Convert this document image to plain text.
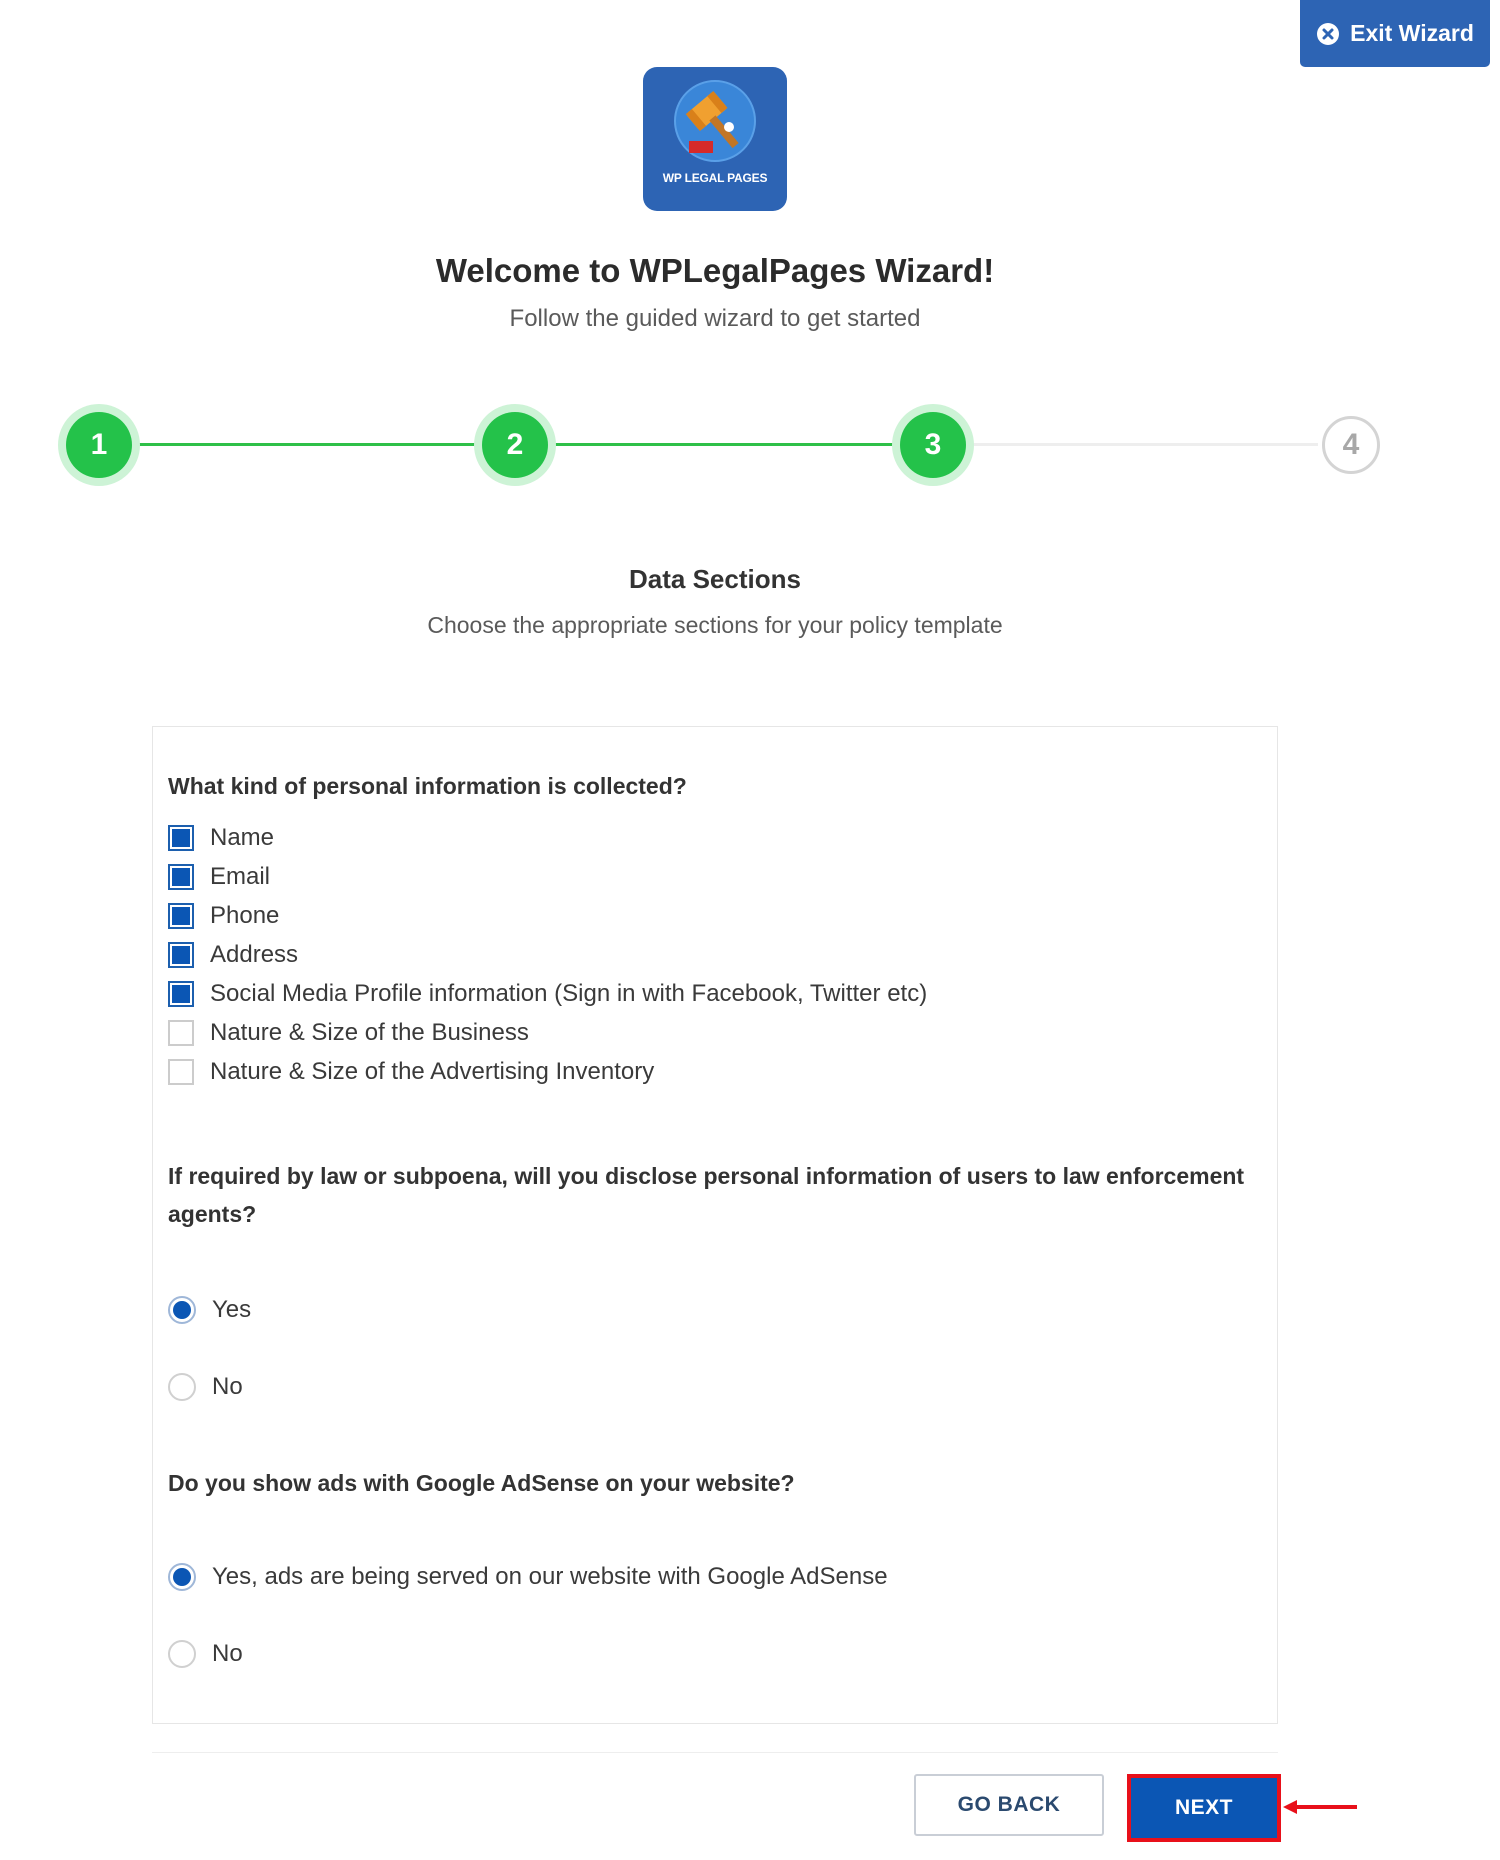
Exit Wizard
WP LEGAL PAGES
Welcome to WPLegalPages Wizard!
Follow the guided wizard to get started
1	2	3	4
Data Sections
Choose the appropriate sections for your policy template
What kind of personal information is collected?
Name
Email
Phone
Address
Social Media Profile information (Sign in with Facebook, Twitter etc)
Nature & Size of the Business
Nature & Size of the Advertising Inventory
If required by law or subpoena, will you disclose personal information of users to law enforcement agents?
Yes
No
Do you show ads with Google AdSense on your website?
Yes, ads are being served on our website with Google AdSense
No
GO BACK	NEXT
